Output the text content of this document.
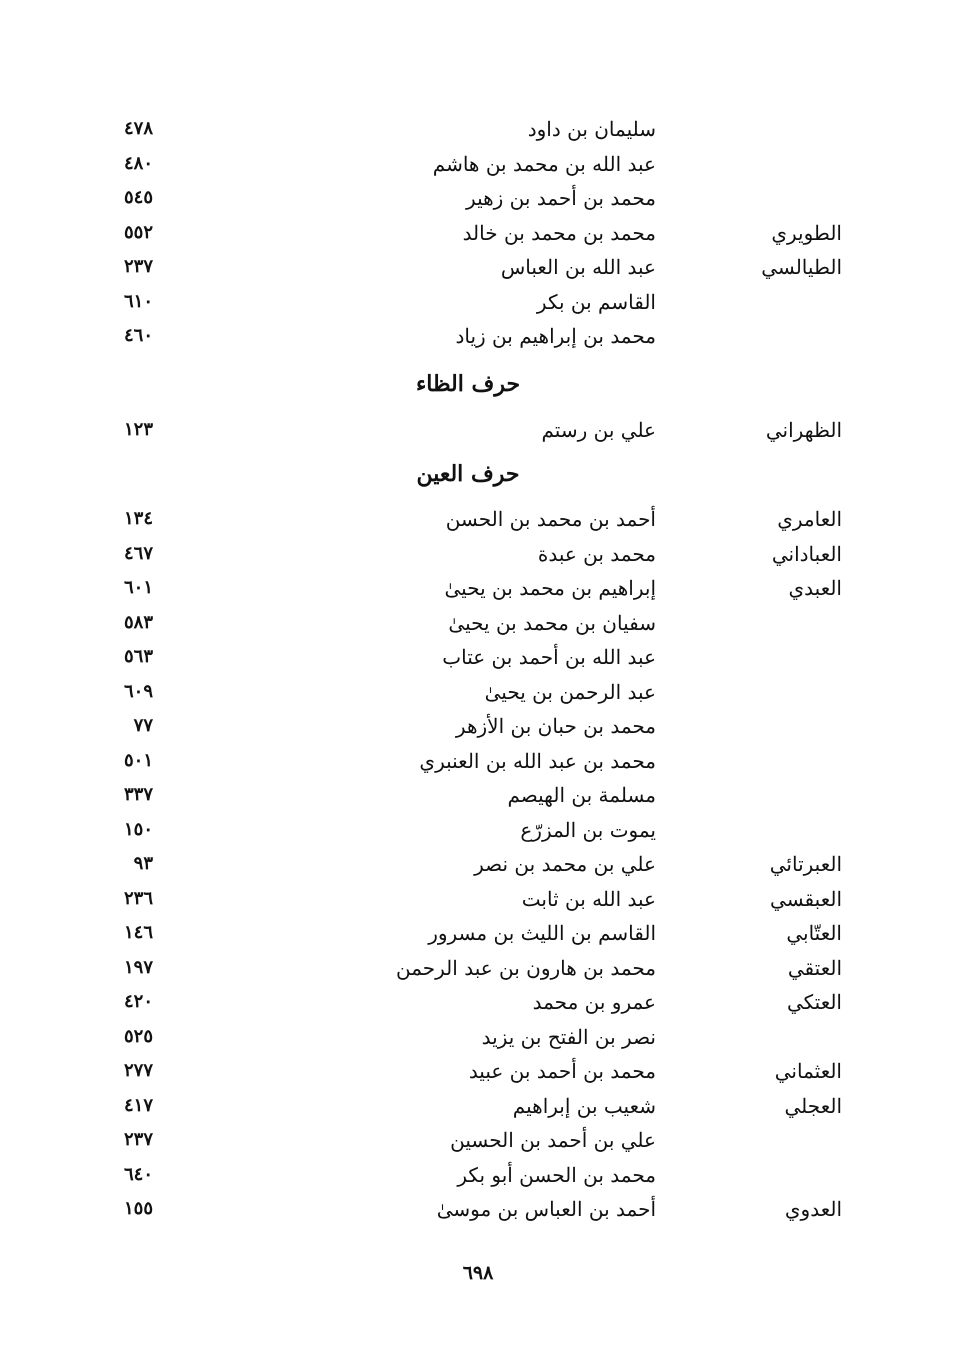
سليمان بن داود
٤٧٨
عبد الله بن محمد بن هاشم
٤٨٠
محمد بن أحمد بن زهير
٥٤٥
الطويري
محمد بن محمد بن خالد
٥٥٢
الطيالسي
عبد الله بن العباس
٢٣٧
القاسم بن بكر
٦١٠
محمد بن إبراهيم بن زياد
٤٦٠
حرف الظاء
الظهراني
علي بن رستم
١٢٣
حرف العين
العامري
أحمد بن محمد بن الحسن
١٣٤
العباداني
محمد بن عبدة
٤٦٧
العبدي
إبراهيم بن محمد بن يحيىٰ
٦٠١
سفيان بن محمد بن يحيىٰ
٥٨٣
عبد الله بن أحمد بن عتاب
٥٦٣
عبد الرحمن بن يحيىٰ
٦٠٩
محمد بن حبان بن الأزهر
٧٧
محمد بن عبد الله بن العنبري
٥٠١
مسلمة بن الهيصم
٣٣٧
يموت بن المزرّع
١٥٠
العبرتائي
علي بن محمد بن نصر
٩٣
العبقسي
عبد الله بن ثابت
٢٣٦
العتّابي
القاسم بن الليث بن مسرور
١٤٦
العتقي
محمد بن هارون بن عبد الرحمن
١٩٧
العتكي
عمرو بن محمد
٤٢٠
نصر بن الفتح بن يزيد
٥٢٥
العثماني
محمد بن أحمد بن عبيد
٢٧٧
العجلي
شعيب بن إبراهيم
٤١٧
علي بن أحمد بن الحسين
٢٣٧
محمد بن الحسن أبو بكر
٦٤٠
العدوي
أحمد بن العباس بن موسىٰ
١٥٥
٦٩٨
